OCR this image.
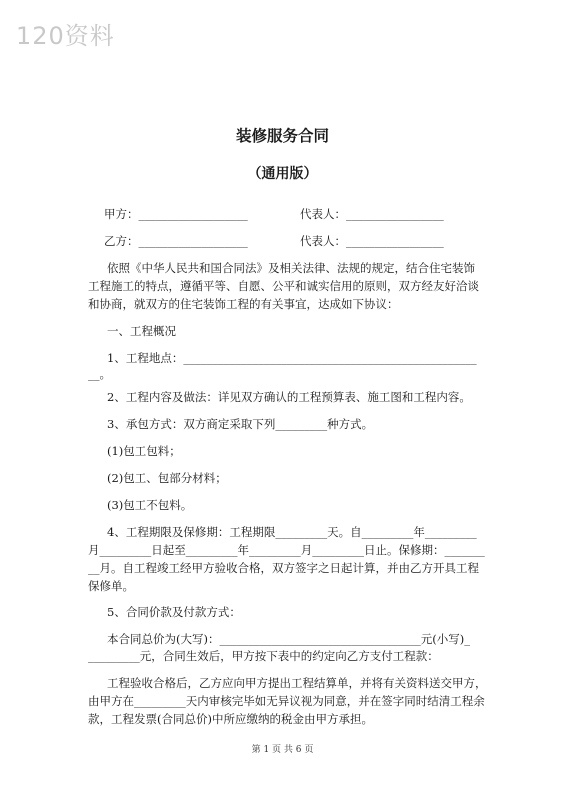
120资料
装修服务合同
（通用版）
甲方：___________________	代表人：_________________
乙方：___________________	代表人：_________________
依照《中华人民共和国合同法》及相关法律、法规的规定，结合住宅装饰
工程施工的特点，遵循平等、自愿、公平和诚实信用的原则，双方经友好洽谈
和协商，就双方的住宅装饰工程的有关事宜，达成如下协议：
一、工程概况
1、工程地点：___________________________________________________
__。
2、工程内容及做法：详见双方确认的工程预算表、施工图和工程内容。
3、承包方式：双方商定采取下列_________种方式。
(1)包工包料；
(2)包工、包部分材料；
(3)包工不包料。
4、工程期限及保修期：工程期限_________天。自_________年_________
月_________日起至_________年_________月_________日止。保修期：_______
__月。自工程竣工经甲方验收合格，双方签字之日起计算，并由乙方开具工程
保修单。
5、合同价款及付款方式：
本合同总价为(大写)：___________________________________元(小写)_
_________元，合同生效后，甲方按下表中的约定向乙方支付工程款：
工程验收合格后，乙方应向甲方提出工程结算单，并将有关资料送交甲方，
由甲方在_________天内审核完毕如无异议视为同意，并在签字同时结清工程余
款，工程发票(合同总价)中所应缴纳的税金由甲方承担。
第 1 页 共 6 页
